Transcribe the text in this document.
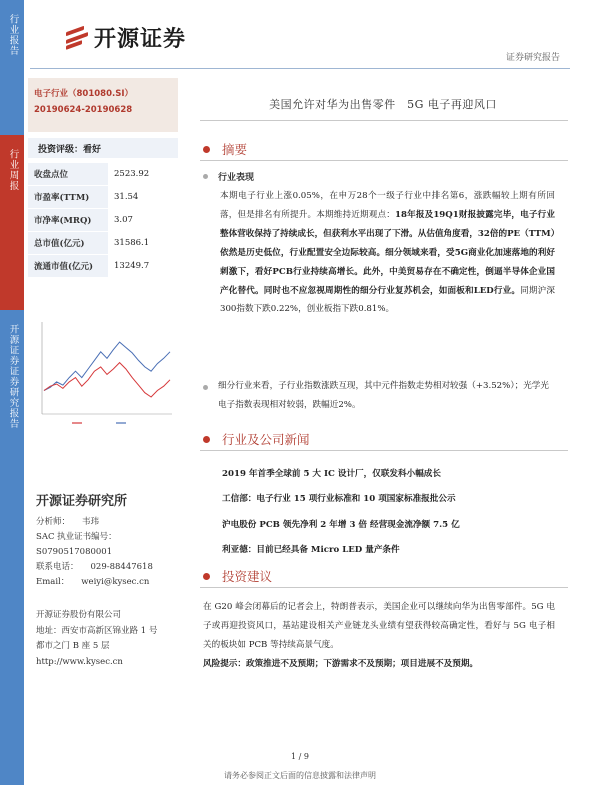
行业报告
行业周报
开源证券证券研究报告
开源证券
证券研究报告
电子行业（801080.SI）
20190624-20190628
投资评级：看好
收盘点位	2523.92
市盈率(TTM)	31.54
市净率(MRQ)	3.07
总市值(亿元)	31586.1
流通市值(亿元)	13249.7
开源证券研究所
分析师： 韦玮
SAC 执业证书编号：
S0790517080001
联系电话： 029-88447618
Email： weiyi@kysec.cn
开源证券股份有限公司
地址：西安市高新区锦业路 1 号
都市之门 B 座 5 层
http://www.kysec.cn
美国允许对华为出售零件　5G 电子再迎风口
摘要
行业表现
本期电子行业上涨0.05%，在申万28个一级子行业中排名第6，涨跌幅较上期有所回落，但是排名有所提升。本期维持近期观点：18年报及19Q1财报披露完毕，电子行业整体营收保持了持续成长，但获利水平出现了下滑。从估值角度看，32倍的PE（TTM）依然是历史低位，行业配置安全边际较高。细分领域来看，受5G商业化加速落地的利好刺激下，看好PCB行业持续高增长。此外，中美贸易存在不确定性，倒逼半导体企业国产化替代。同时也不应忽视周期性的细分行业复苏机会，如面板和LED行业。同期沪深300指数下跌0.22%，创业板指下跌0.81%。
细分行业来看，子行业指数涨跌互现，其中元件指数走势相对较强（+3.52%）；光学光电子指数表现相对较弱，跌幅近2%。
行业及公司新闻
2019 年首季全球前 5 大 IC 设计厂，仅联发科小幅成长
工信部：电子行业 15 项行业标准和 10 项国家标准报批公示
沪电股份 PCB 领先净利 2 年增 3 倍 经营现金流净额 7.5 亿
利亚德：目前已经具备 Micro LED 量产条件
投资建议
在 G20 峰会闭幕后的记者会上，特朗普表示，美国企业可以继续向华为出售零部件。5G 电子或再迎投资风口，基站建设相关产业链龙头业绩有望获得较高确定性，看好与 5G 电子相关的板块如 PCB 等持续高景气度。
风险提示：政策推进不及预期；下游需求不及预期；项目进展不及预期。
1 / 9
请务必参阅正文后面的信息披露和法律声明
